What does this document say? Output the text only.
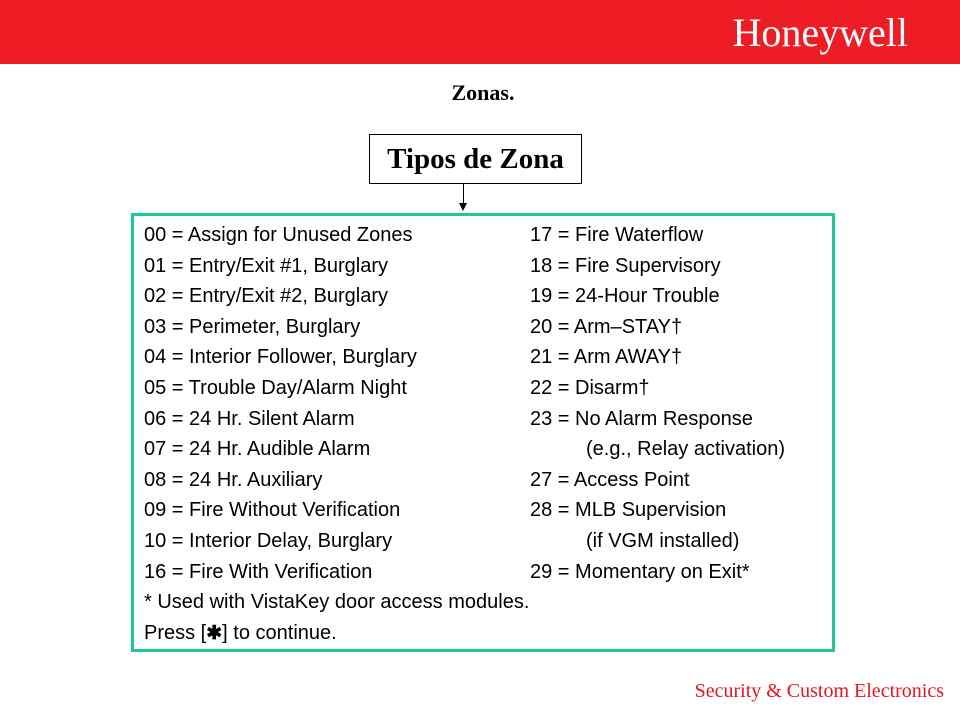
Honeywell
Zonas.
Tipos de Zona
00 = Assign for Unused Zones
01 = Entry/Exit #1, Burglary
02 = Entry/Exit #2, Burglary
03 = Perimeter, Burglary
04 = Interior Follower, Burglary
05 = Trouble Day/Alarm Night
06 = 24 Hr. Silent Alarm
07 = 24 Hr. Audible Alarm
08 = 24 Hr. Auxiliary
09 = Fire Without Verification
10 = Interior Delay, Burglary
16 = Fire With Verification
17 = Fire Waterflow
18 = Fire Supervisory
19 = 24-Hour Trouble
20 = Arm–STAY†
21 = Arm AWAY†
22 = Disarm†
23 = No Alarm Response
(e.g., Relay activation)
27 = Access Point
28 = MLB Supervision
(if VGM installed)
29 = Momentary on Exit*
* Used with VistaKey door access modules.
Press [✱] to continue.
Security & Custom Electronics
